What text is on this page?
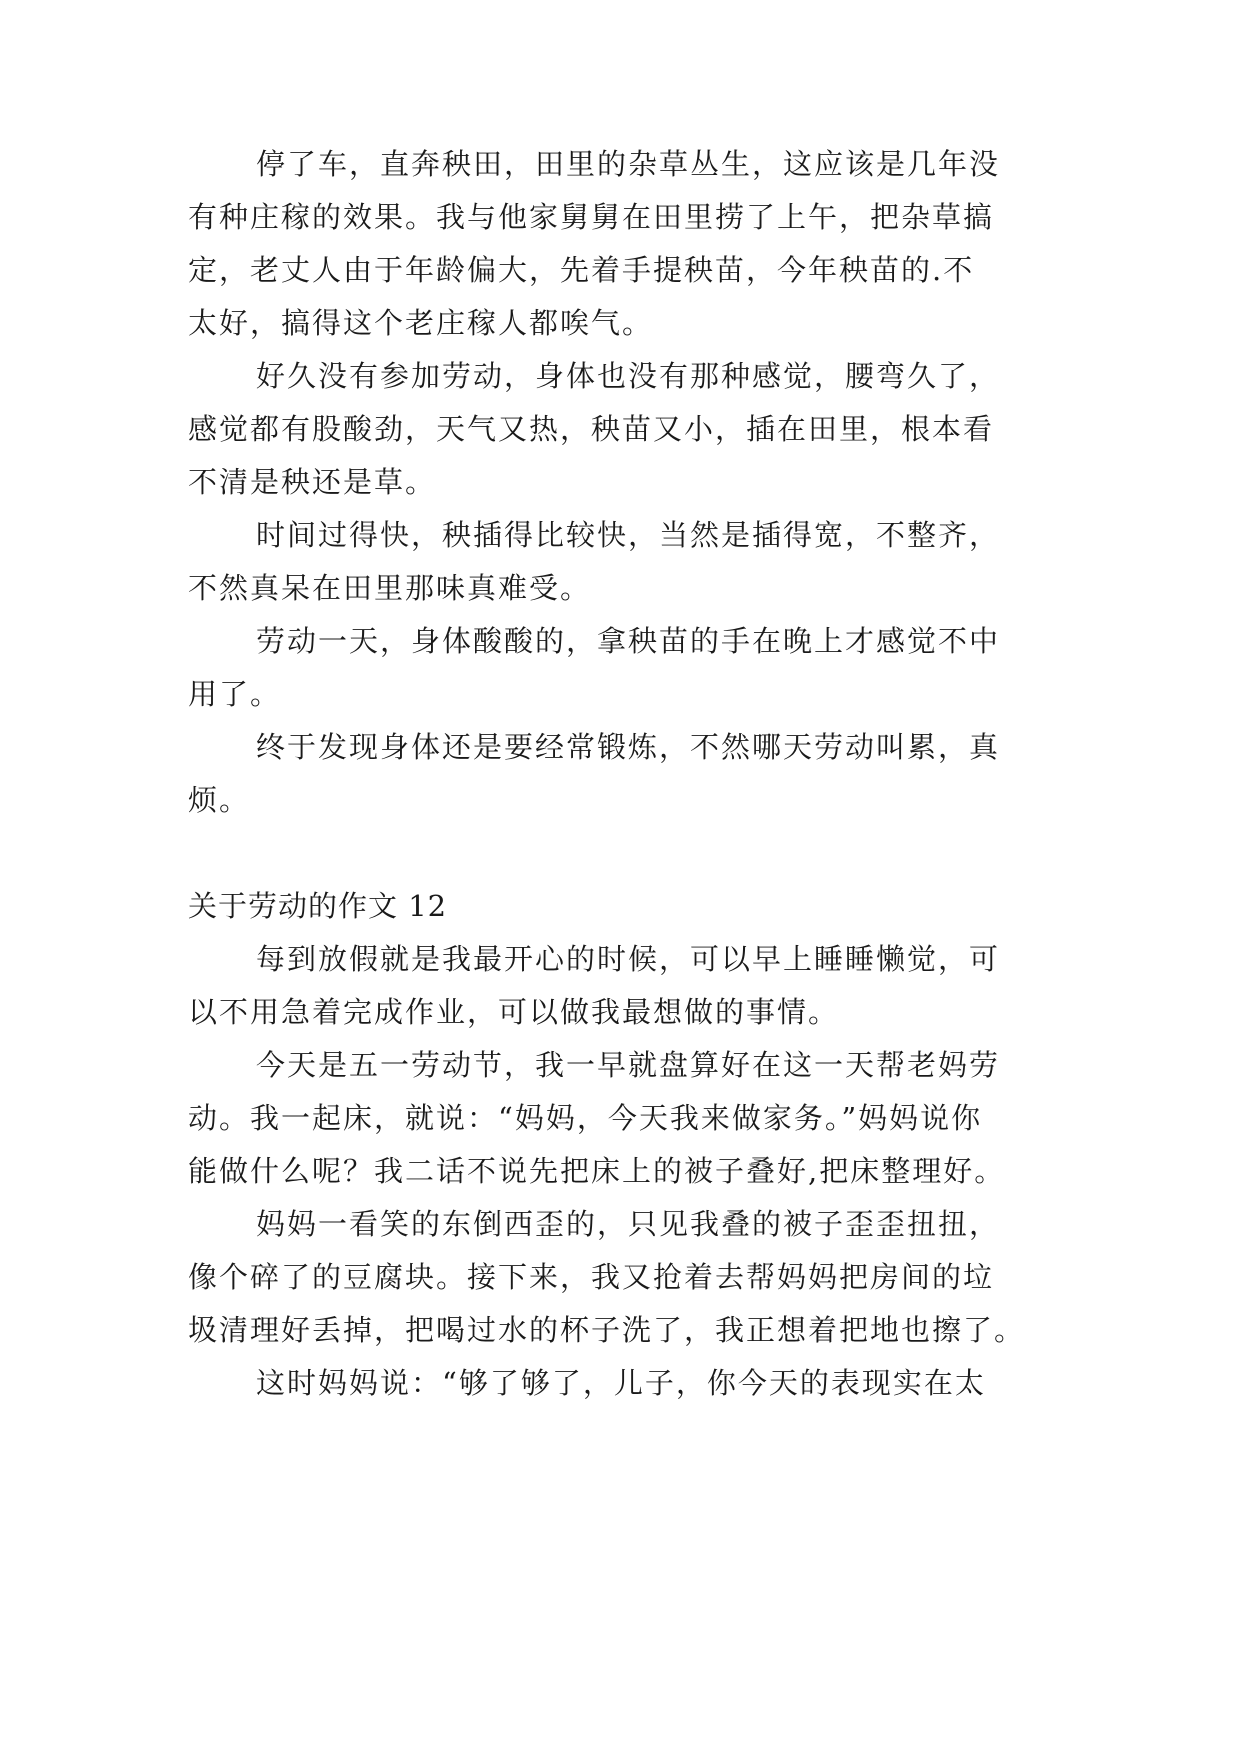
停了车，直奔秧田，田里的杂草丛生，这应该是几年没
有种庄稼的效果。我与他家舅舅在田里捞了上午，把杂草搞
定，老丈人由于年龄偏大，先着手提秧苗，今年秧苗的.不
太好，搞得这个老庄稼人都唉气。
好久没有参加劳动，身体也没有那种感觉，腰弯久了，
感觉都有股酸劲，天气又热，秧苗又小，插在田里，根本看
不清是秧还是草。
时间过得快，秧插得比较快，当然是插得宽，不整齐，
不然真呆在田里那味真难受。
劳动一天，身体酸酸的，拿秧苗的手在晚上才感觉不中
用了。
终于发现身体还是要经常锻炼，不然哪天劳动叫累，真
烦。
关于劳动的作文 12
每到放假就是我最开心的时候，可以早上睡睡懒觉，可
以不用急着完成作业，可以做我最想做的事情。
今天是五一劳动节，我一早就盘算好在这一天帮老妈劳
动。我一起床，就说：“妈妈，今天我来做家务。”妈妈说你
能做什么呢？我二话不说先把床上的被子叠好,把床整理好。
妈妈一看笑的东倒西歪的，只见我叠的被子歪歪扭扭，
像个碎了的豆腐块。接下来，我又抢着去帮妈妈把房间的垃
圾清理好丢掉，把喝过水的杯子洗了，我正想着把地也擦了。
这时妈妈说：“够了够了，儿子，你今天的表现实在太
